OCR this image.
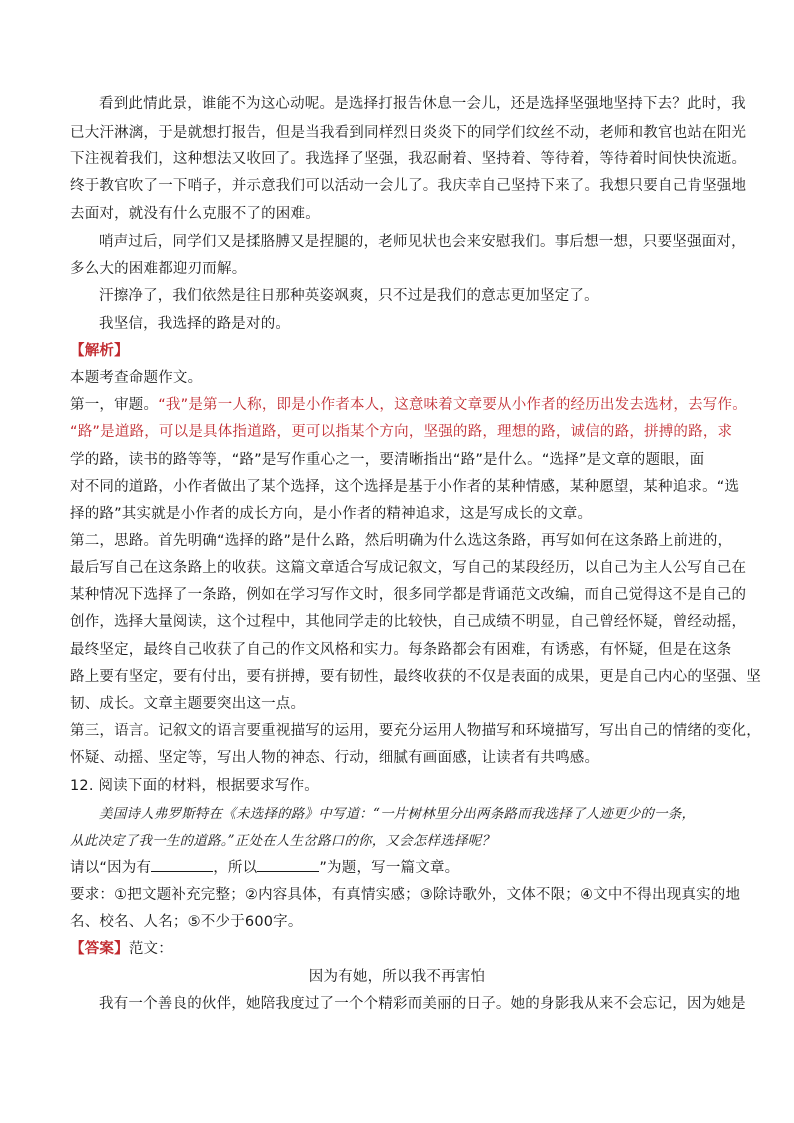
看到此情此景，谁能不为这心动呢。是选择打报告休息一会儿，还是选择坚强地坚持下去？此时，我
已大汗淋漓，于是就想打报告，但是当我看到同样烈日炎炎下的同学们纹丝不动，老师和教官也站在阳光
下注视着我们，这种想法又收回了。我选择了坚强，我忍耐着、坚持着、等待着，等待着时间快快流逝。
终于教官吹了一下哨子，并示意我们可以活动一会儿了。我庆幸自己坚持下来了。我想只要自己肯坚强地
去面对，就没有什么克服不了的困难。
哨声过后，同学们又是揉胳膊又是捏腿的，老师见状也会来安慰我们。事后想一想，只要坚强面对，
多么大的困难都迎刃而解。
汗擦净了，我们依然是往日那种英姿飒爽，只不过是我们的意志更加坚定了。
我坚信，我选择的路是对的。
【解析】
本题考查命题作文。
第一，审题。“我”是第一人称，即是小作者本人，这意味着文章要从小作者的经历出发去选材，去写作。
“路”是道路，可以是具体指道路，更可以指某个方向，坚强的路，理想的路，诚信的路，拼搏的路，求
学的路，读书的路等等，“路”是写作重心之一，要清晰指出“路”是什么。“选择”是文章的题眼，面
对不同的道路，小作者做出了某个选择，这个选择是基于小作者的某种情感，某种愿望，某种追求。“选
择的路”其实就是小作者的成长方向，是小作者的精神追求，这是写成长的文章。
第二，思路。首先明确“选择的路”是什么路，然后明确为什么选这条路，再写如何在这条路上前进的，
最后写自己在这条路上的收获。这篇文章适合写成记叙文，写自己的某段经历，以自己为主人公写自己在
某种情况下选择了一条路，例如在学习写作文时，很多同学都是背诵范文改编，而自己觉得这不是自己的
创作，选择大量阅读，这个过程中，其他同学走的比较快，自己成绩不明显，自己曾经怀疑，曾经动摇，
最终坚定，最终自己收获了自己的作文风格和实力。每条路都会有困难，有诱惑，有怀疑，但是在这条
路上要有坚定，要有付出，要有拼搏，要有韧性，最终收获的不仅是表面的成果，更是自己内心的坚强、坚
韧、成长。文章主题要突出这一点。
第三，语言。记叙文的语言要重视描写的运用，要充分运用人物描写和环境描写，写出自己的情绪的变化，
怀疑、动摇、坚定等，写出人物的神态、行动，细腻有画面感，让读者有共鸣感。
12. 阅读下面的材料，根据要求写作。
美国诗人弗罗斯特在《未选择的路》中写道：“一片树林里分出两条路而我选择了人迹更少的一条，
从此决定了我一生的道路。”正处在人生岔路口的你，又会怎样选择呢？
请以“因为有	，所以	”为题，写一篇文章。
要求：①把文题补充完整；②内容具体，有真情实感；③除诗歌外，文体不限；④文中不得出现真实的地
名、校名、人名；⑤不少于600字。
【答案】范文：
因为有她，所以我不再害怕
我有一个善良的伙伴，她陪我度过了一个个精彩而美丽的日子。她的身影我从来不会忘记，因为她是
